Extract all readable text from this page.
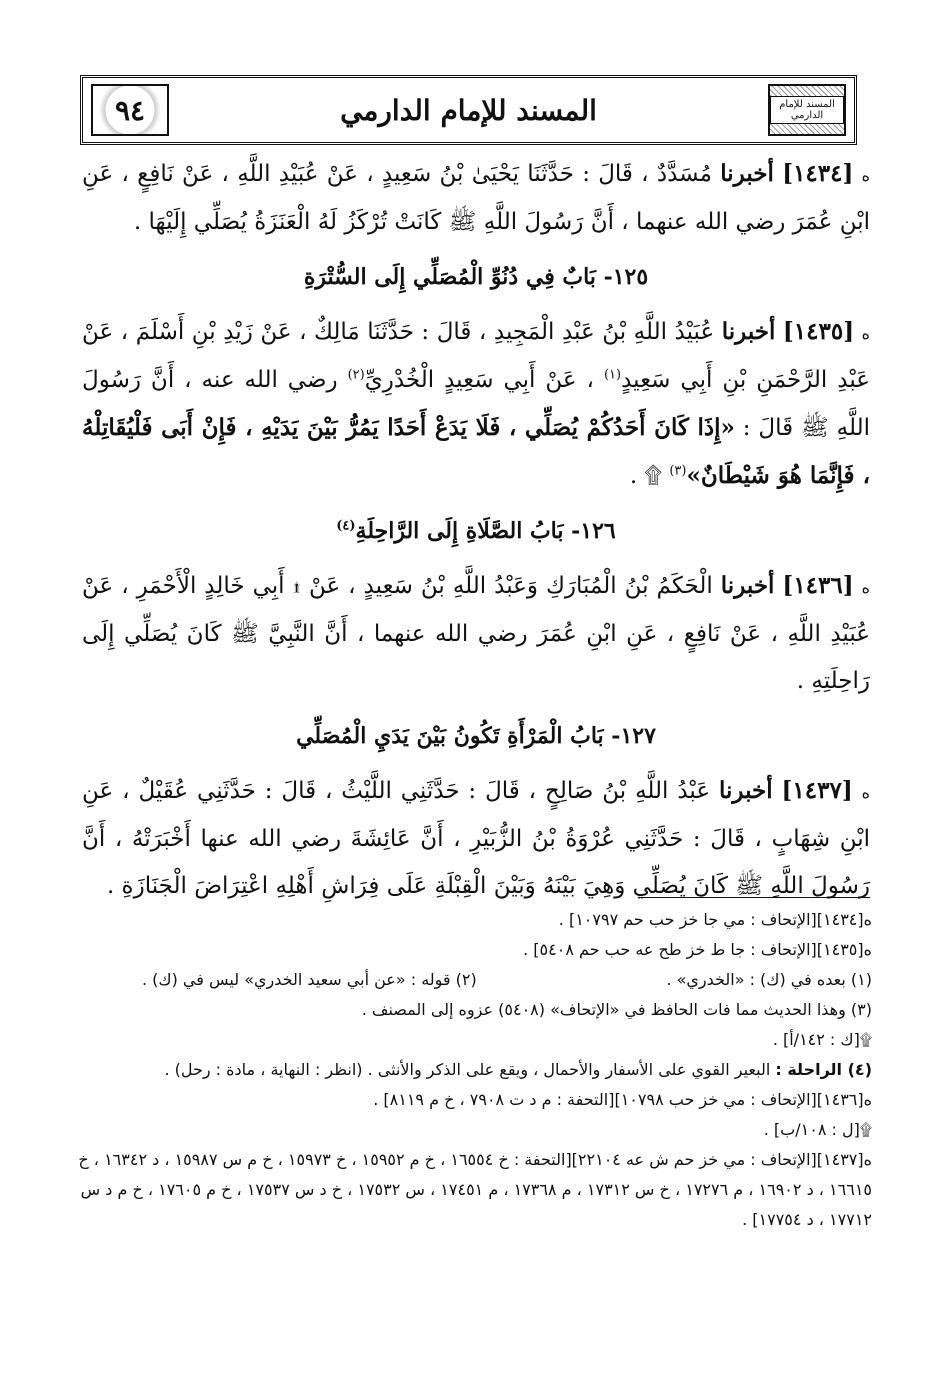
٩٤	المسند للإمام الدارمي	المسند للإمام الدارمي

ە [١٤٣٤] أخبرنا مُسَدَّدٌ ، قَالَ : حَدَّثَنَا يَحْيَىٰ بْنُ سَعِيدٍ ، عَنْ عُبَيْدِ اللَّهِ ، عَنْ نَافِعٍ ، عَنِ ابْنِ عُمَرَ رضي الله عنهما ، أَنَّ رَسُولَ اللَّهِ ﷺ كَانَتْ تُرْكَزُ لَهُ الْعَنَزَةُ يُصَلِّي إِلَيْهَا .

١٢٥- بَابٌ فِي دُنُوِّ الْمُصَلِّي إِلَى السُّتْرَةِ

ە [١٤٣٥] أخبرنا عُبَيْدُ اللَّهِ بْنُ عَبْدِ الْمَجِيدِ ، قَالَ : حَدَّثَنَا مَالِكٌ ، عَنْ زَيْدِ بْنِ أَسْلَمَ ، عَنْ عَبْدِ الرَّحْمَنِ بْنِ أَبِي سَعِيدٍ$^{(١)}$ ، عَنْ أَبِي سَعِيدٍ الْخُدْرِيِّ$^{(٢)}$ رضي الله عنه ، أَنَّ رَسُولَ اللَّهِ ﷺ قَالَ : «إِذَا كَانَ أَحَدُكُمْ يُصَلِّي ، فَلَا يَدَعْ أَحَدًا يَمُرُّ بَيْنَ يَدَيْهِ ، فَإِنْ أَبَى فَلْيُقَاتِلْهُ ، فَإِنَّمَا هُوَ شَيْطَانٌ»$^{(٣)}$ ۩ .

١٢٦- بَابُ الصَّلَاةِ إِلَى الرَّاحِلَةِ$^{(٤)}$

ە [١٤٣٦] أخبرنا الْحَكَمُ بْنُ الْمُبَارَكِ وَعَبْدُ اللَّهِ بْنُ سَعِيدٍ ، عَنْ ۩ أَبِي خَالِدٍ الْأَحْمَرِ ، عَنْ عُبَيْدِ اللَّهِ ، عَنْ نَافِعٍ ، عَنِ ابْنِ عُمَرَ رضي الله عنهما ، أَنَّ النَّبِيَّ ﷺ كَانَ يُصَلِّي إِلَى رَاحِلَتِهِ .

١٢٧- بَابُ الْمَرْأَةِ تَكُونُ بَيْنَ يَدَيِ الْمُصَلِّي

ە [١٤٣٧] أخبرنا عَبْدُ اللَّهِ بْنُ صَالِحٍ ، قَالَ : حَدَّثَنِي اللَّيْثُ ، قَالَ : حَدَّثَنِي عُقَيْلٌ ، عَنِ ابْنِ شِهَابٍ ، قَالَ : حَدَّثَنِي عُرْوَةُ بْنُ الزُّبَيْرِ ، أَنَّ عَائِشَةَ رضي الله عنها أَخْبَرَتْهُ ، أَنَّ رَسُولَ اللَّهِ ﷺ كَانَ يُصَلِّي وَهِيَ بَيْنَهُ وَبَيْنَ الْقِبْلَةِ عَلَى فِرَاشِ أَهْلِهِ اعْتِرَاضَ الْجَنَازَةِ .

ە[١٤٣٤][الإتحاف : مي جا خز حب حم ١٠٧٩٧] .

ە[١٤٣٥][الإتحاف : جا ط خز طح عه حب حم ٥٤٠٨] .

(١) بعده في (ك) : «الخدري» .
(٢) قوله : «عن أبي سعيد الخدري» ليس في (ك) .

(٣) وهذا الحديث مما فات الحافظ في «الإتحاف» (٥٤٠٨) عزوه إلى المصنف .

۩[ك : ١٤٢/أ] .

(٤) الراحلة : البعير القوي على الأسفار والأحمال ، ويقع على الذكر والأنثى . (انظر : النهاية ، مادة : رحل) .

ە[١٤٣٦][الإتحاف : مي خز حب ١٠٧٩٨][التحفة : م د ت ٧٩٠٨ ، خ م ٨١١٩] .

۩[ل : ١٠٨/ب] .

ە[١٤٣٧][الإتحاف : مي خز حم ش عه ٢٢١٠٤][التحفة : خ ١٦٥٥٤ ، خ م ١٥٩٥٢ ، خ ١٥٩٧٣ ، خ م س ١٥٩٨٧ ، د ١٦٣٤٢ ، خ ١٦٦١٥ ، د ١٦٩٠٢ ، م ١٧٢٧٦ ، خ س ١٧٣١٢ ، م ١٧٣٦٨ ، م ١٧٤٥١ ، س ١٧٥٣٢ ، خ د س ١٧٥٣٧ ، خ م ١٧٦٠٥ ، خ م د س ١٧٧١٢ ، د ١٧٧٥٤] .
